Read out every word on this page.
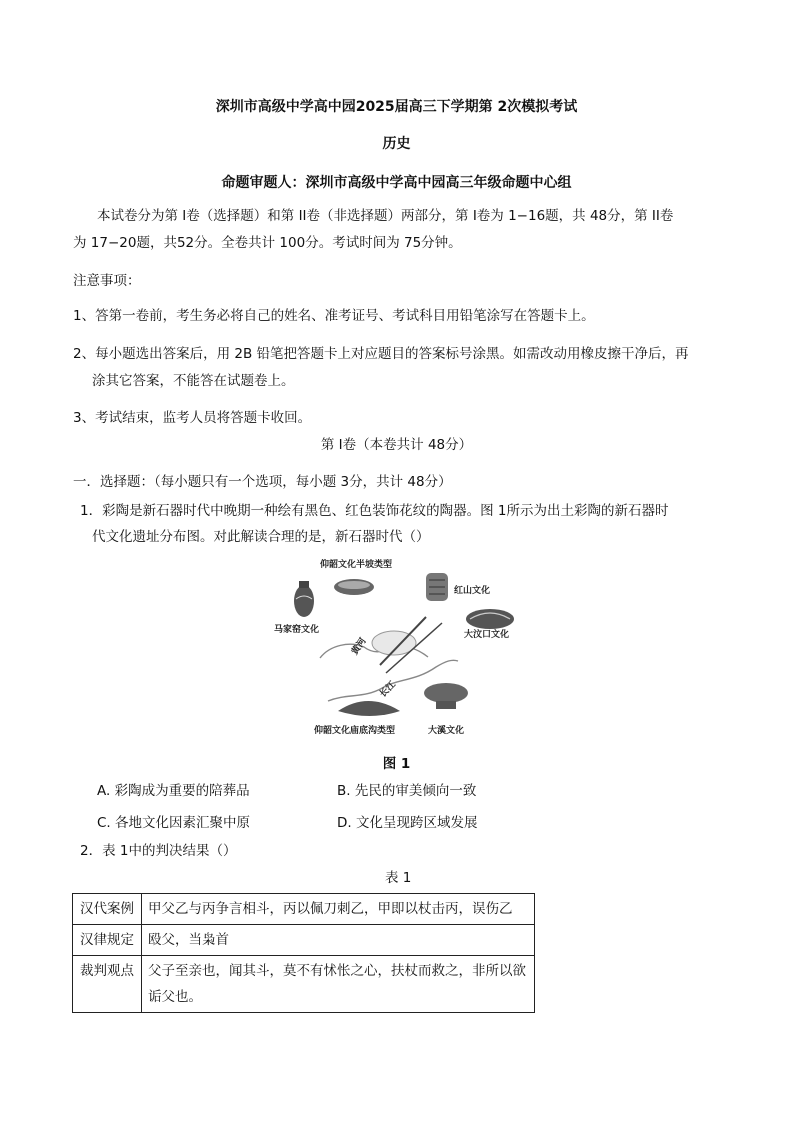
深圳市高级中学高中园2025届高三下学期第 2次模拟考试
历史
命题审题人：深圳市高级中学高中园高三年级命题中心组
本试卷分为第 I卷（选择题）和第 II卷（非选择题）两部分，第 I卷为 1−16题，共 48分，第 II卷
为 17−20题，共52分。全卷共计 100分。考试时间为 75分钟。
注意事项：
1、答第一卷前，考生务必将自己的姓名、准考证号、考试科目用铅笔涂写在答题卡上。
2、每小题选出答案后，用 2B 铅笔把答题卡上对应题目的答案标号涂黑。如需改动用橡皮擦干净后，再
涂其它答案，不能答在试题卷上。
3、考试结束，监考人员将答题卡收回。
第 I卷（本卷共计 48分）
一．选择题：（每小题只有一个选项，每小题 3分，共计 48分）
1．彩陶是新石器时代中晚期一种绘有黑色、红色装饰花纹的陶器。图 1所示为出土彩陶的新石器时
代文化遗址分布图。对此解读合理的是，新石器时代（）
仰韶文化半坡类型
红山文化
马家窑文化	大汶口文化
黄河
长江
仰韶文化庙底沟类型	大溪文化
图 1
A. 彩陶成为重要的陪葬品	B. 先民的审美倾向一致
C. 各地文化因素汇聚中原	D. 文化呈现跨区域发展
2．表 1中的判决结果（）
表 1
汉代案例	甲父乙与丙争言相斗，丙以佩刀刺乙，甲即以杖击丙，误伤乙
汉律规定	殴父，当枭首
裁判观点	父子至亲也，闻其斗，莫不有怵怅之心，扶杖而救之，非所以欲诟父也。
